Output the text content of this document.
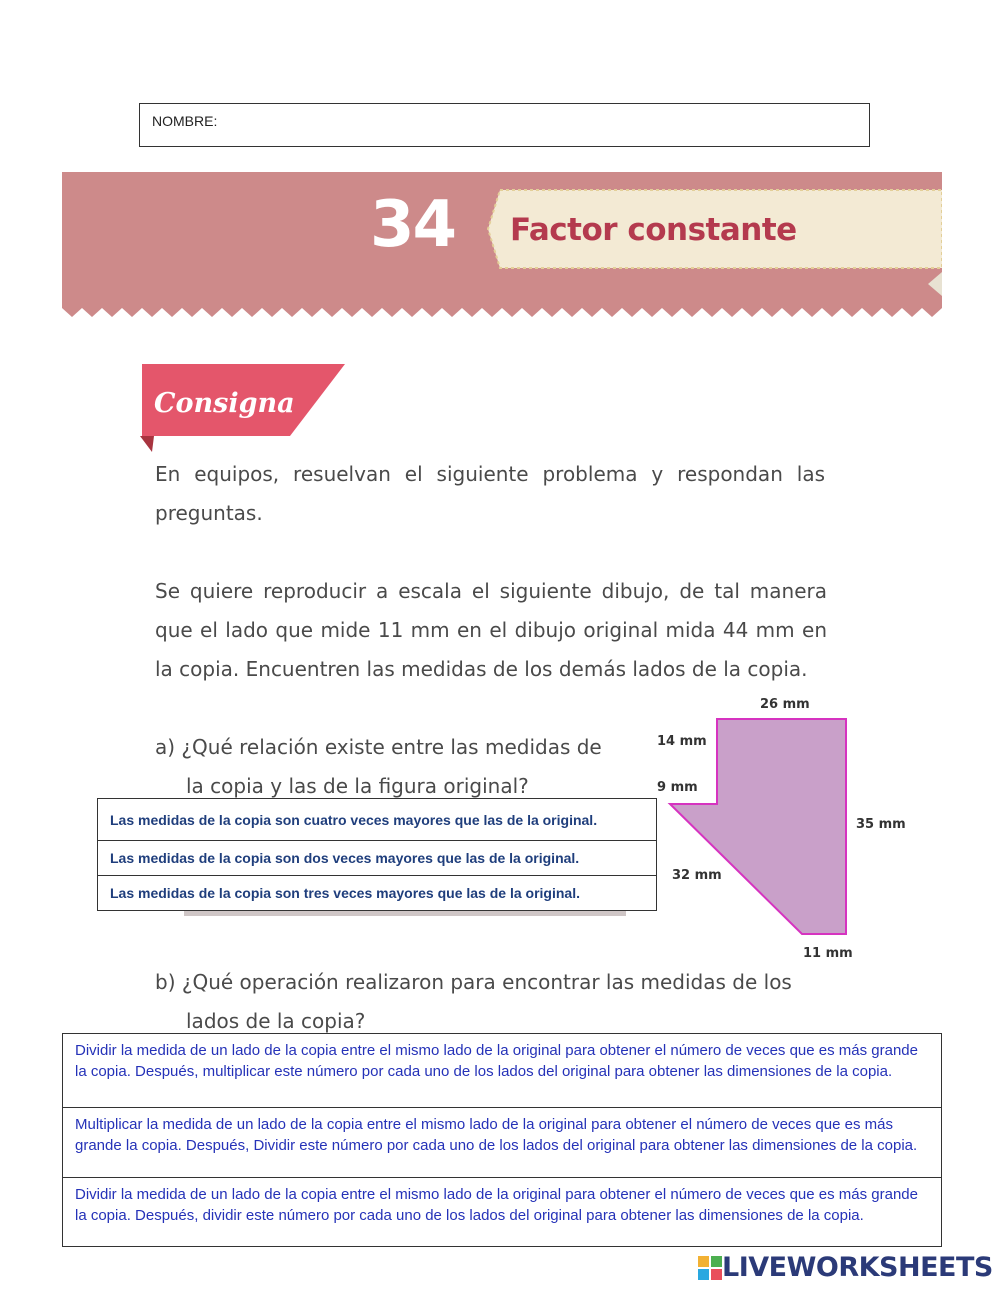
NOMBRE:
34 Factor constante
Consigna
En equipos, resuelvan el siguiente problema y respondan las preguntas.
Se quiere reproducir a escala el siguiente dibujo, de tal manera que el lado que mide 11 mm en el dibujo original mida 44 mm en la copia. Encuentren las medidas de los demás lados de la copia.
a) ¿Qué relación existe entre las medidas de
la copia y las de la figura original?
26 mm
14 mm
9 mm
35 mm
32 mm
11 mm
Las medidas de la copia son cuatro veces mayores que las de la original.
Las medidas de la copia son dos veces mayores que las de la original.
Las medidas de la copia son tres veces mayores que las de la original.
b) ¿Qué operación realizaron para encontrar las medidas de los
lados de la copia?
Dividir la medida de un lado de la copia entre el mismo lado de la original para obtener el número de veces que es más grande la copia. Después, multiplicar este número por cada uno de los lados del original para obtener las dimensiones de la copia.
Multiplicar la medida de un lado de la copia entre el mismo lado de la original para obtener el número de veces que es más grande la copia. Después, Dividir este número por cada uno de los lados del original para obtener las dimensiones de la copia.
Dividir la medida de un lado de la copia entre el mismo lado de la original para obtener el número de veces que es más grande la copia. Después, dividir este número por cada uno de los lados del original para obtener las dimensiones de la copia.
LIVEWORKSHEETS
